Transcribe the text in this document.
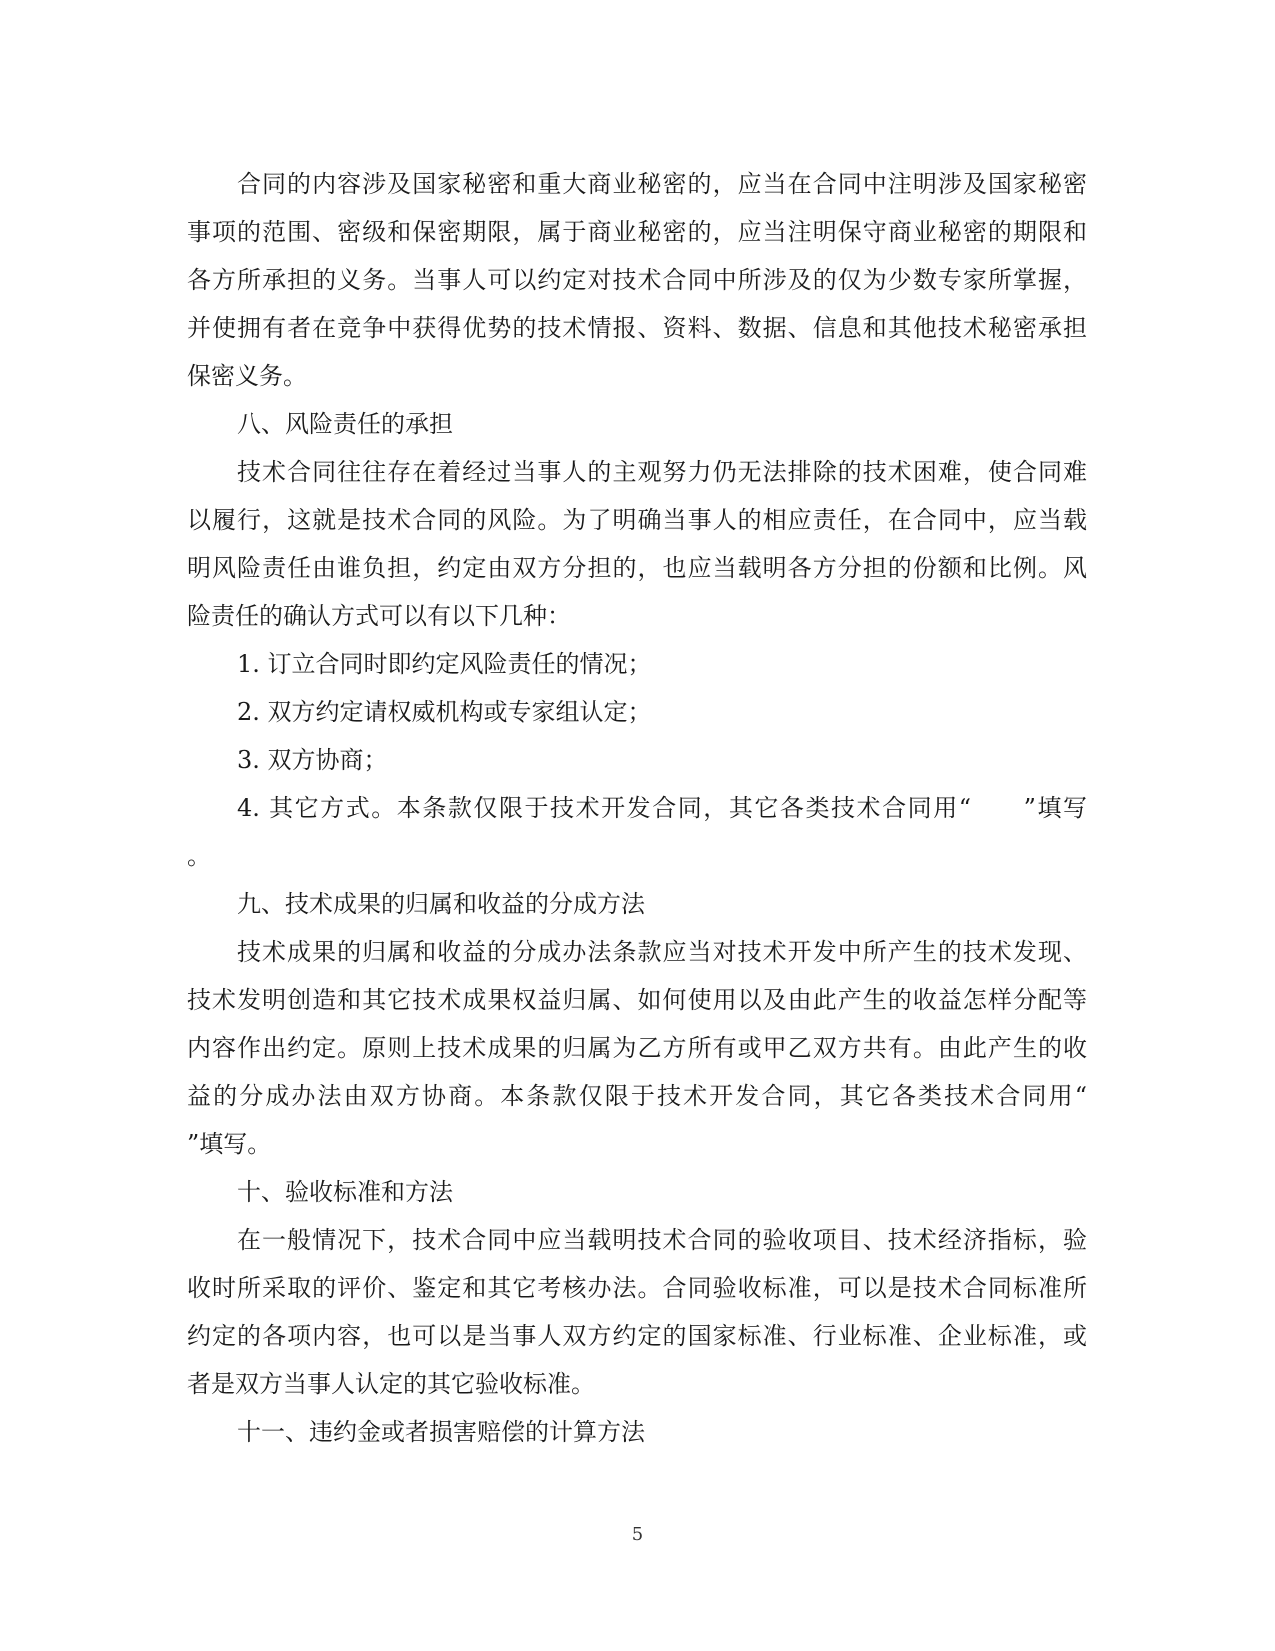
合同的内容涉及国家秘密和重大商业秘密的，应当在合同中注明涉及国家秘密
事项的范围、密级和保密期限，属于商业秘密的，应当注明保守商业秘密的期限和
各方所承担的义务。当事人可以约定对技术合同中所涉及的仅为少数专家所掌握，
并使拥有者在竞争中获得优势的技术情报、资料、数据、信息和其他技术秘密承担
保密义务。
八、风险责任的承担
技术合同往往存在着经过当事人的主观努力仍无法排除的技术困难，使合同难
以履行，这就是技术合同的风险。为了明确当事人的相应责任，在合同中，应当载
明风险责任由谁负担，约定由双方分担的，也应当载明各方分担的份额和比例。风
险责任的确认方式可以有以下几种：
1. 订立合同时即约定风险责任的情况；
2. 双方约定请权威机构或专家组认定；
3. 双方协商；
4. 其它方式。本条款仅限于技术开发合同，其它各类技术合同用“　　”填写
。
九、技术成果的归属和收益的分成方法
技术成果的归属和收益的分成办法条款应当对技术开发中所产生的技术发现、
技术发明创造和其它技术成果权益归属、如何使用以及由此产生的收益怎样分配等
内容作出约定。原则上技术成果的归属为乙方所有或甲乙双方共有。由此产生的收
益的分成办法由双方协商。本条款仅限于技术开发合同，其它各类技术合同用“
”填写。
十、验收标准和方法
在一般情况下，技术合同中应当载明技术合同的验收项目、技术经济指标，验
收时所采取的评价、鉴定和其它考核办法。合同验收标准，可以是技术合同标准所
约定的各项内容，也可以是当事人双方约定的国家标准、行业标准、企业标准，或
者是双方当事人认定的其它验收标准。
十一、违约金或者损害赔偿的计算方法
5
